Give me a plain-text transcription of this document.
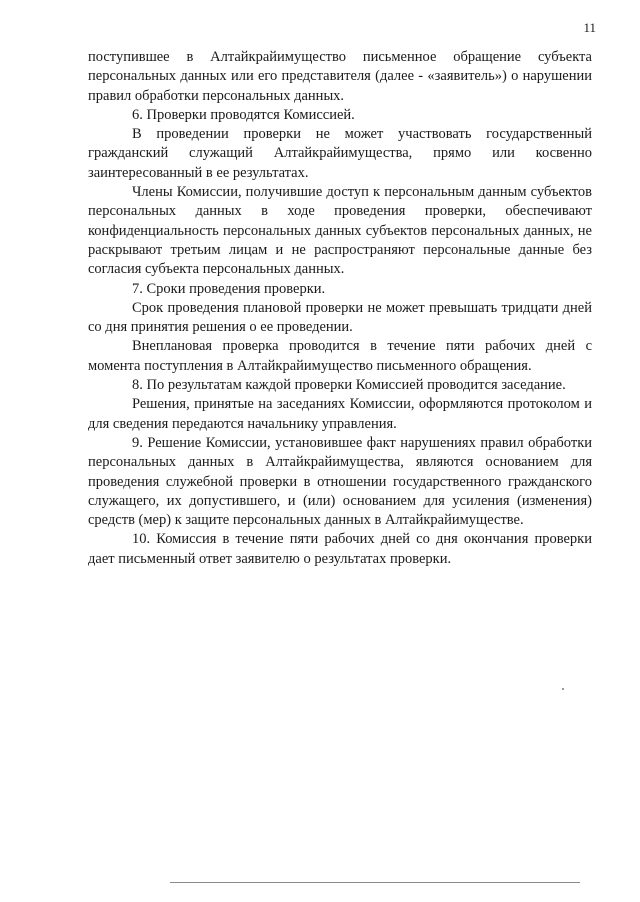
11

поступившее в Алтайкрайимущество письменное обращение субъекта персональных данных или его представителя (далее - «заявитель») о нарушении правил обработки персональных данных.

6. Проверки проводятся Комиссией.

В проведении проверки не может участвовать государственный гражданский служащий Алтайкрайимущества, прямо или косвенно заинтересованный в ее результатах.

Члены Комиссии, получившие доступ к персональным данным субъектов персональных данных в ходе проведения проверки, обеспечивают конфиденциальность персональных данных субъектов персональных данных, не раскрывают третьим лицам и не распространяют персональные данные без согласия субъекта персональных данных.

7. Сроки проведения проверки.

Срок проведения плановой проверки не может превышать тридцати дней со дня принятия решения о ее проведении.

Внеплановая проверка проводится в течение пяти рабочих дней с момента поступления в Алтайкрайимущество письменного обращения.

8. По результатам каждой проверки Комиссией проводится заседание.

Решения, принятые на заседаниях Комиссии, оформляются протоколом и для сведения передаются начальнику управления.

9. Решение Комиссии, установившее факт нарушениях правил обработки персональных данных в Алтайкрайимущества, являются основанием для проведения служебной проверки в отношении государственного гражданского служащего, их допустившего, и (или) основанием для усиления (изменения) средств (мер) к защите персональных данных в Алтайкрайимуществе.

10. Комиссия в течение пяти рабочих дней со дня окончания проверки дает письменный ответ заявителю о результатах проверки.
